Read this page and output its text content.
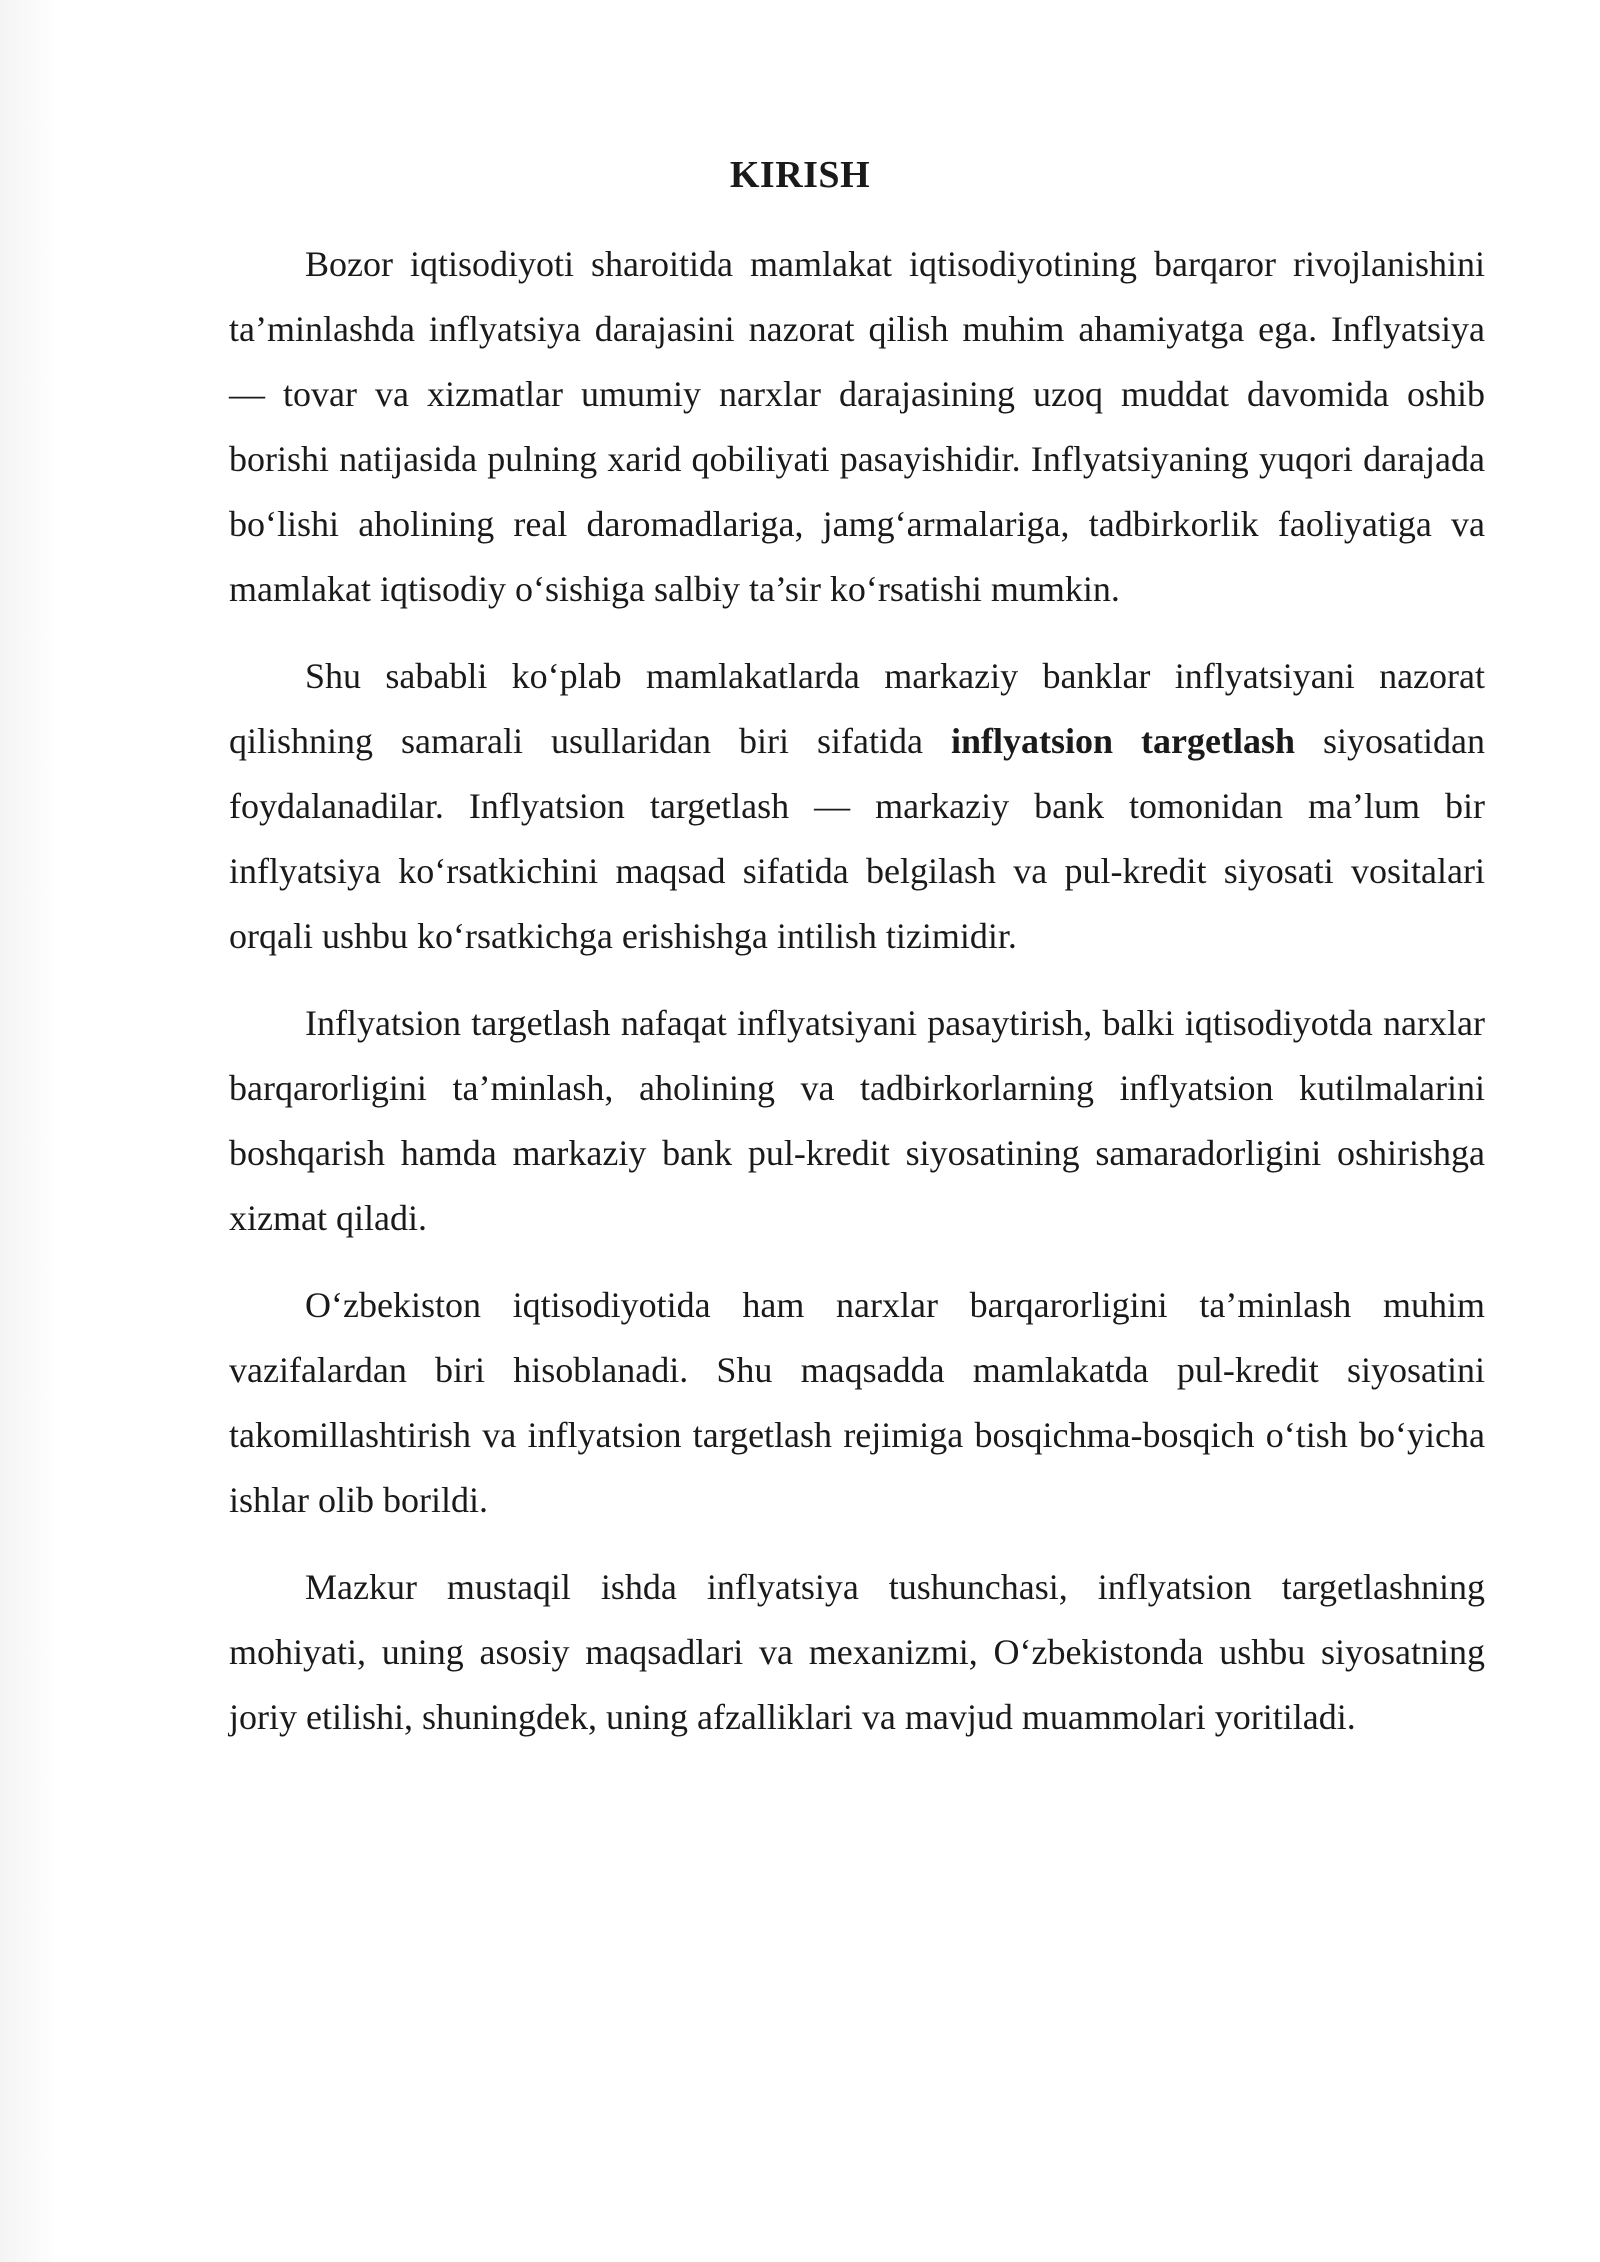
KIRISH

Bozor iqtisodiyoti sharoitida mamlakat iqtisodiyotining barqaror rivojlanishini ta’minlashda inflyatsiya darajasini nazorat qilish muhim ahamiyatga ega. Inflyatsiya — tovar va xizmatlar umumiy narxlar darajasining uzoq muddat davomida oshib borishi natijasida pulning xarid qobiliyati pasayishidir. Inflyatsiyaning yuqori darajada bo‘lishi aholining real daromadlariga, jamg‘armalariga, tadbirkorlik faoliyatiga va mamlakat iqtisodiy o‘sishiga salbiy ta’sir ko‘rsatishi mumkin.

Shu sababli ko‘plab mamlakatlarda markaziy banklar inflyatsiyani nazorat qilishning samarali usullaridan biri sifatida inflyatsion targetlash siyosatidan foydalanadilar. Inflyatsion targetlash — markaziy bank tomonidan ma’lum bir inflyatsiya ko‘rsatkichini maqsad sifatida belgilash va pul-kredit siyosati vositalari orqali ushbu ko‘rsatkichga erishishga intilish tizimidir.

Inflyatsion targetlash nafaqat inflyatsiyani pasaytirish, balki iqtisodiyotda narxlar barqarorligini ta’minlash, aholining va tadbirkorlarning inflyatsion kutilmalarini boshqarish hamda markaziy bank pul-kredit siyosatining samaradorligini oshirishga xizmat qiladi.

O‘zbekiston iqtisodiyotida ham narxlar barqarorligini ta’minlash muhim vazifalardan biri hisoblanadi. Shu maqsadda mamlakatda pul-kredit siyosatini takomillashtirish va inflyatsion targetlash rejimiga bosqichma-bosqich o‘tish bo‘yicha ishlar olib borildi.

Mazkur mustaqil ishda inflyatsiya tushunchasi, inflyatsion targetlashning mohiyati, uning asosiy maqsadlari va mexanizmi, O‘zbekistonda ushbu siyosatning joriy etilishi, shuningdek, uning afzalliklari va mavjud muammolari yoritiladi.
